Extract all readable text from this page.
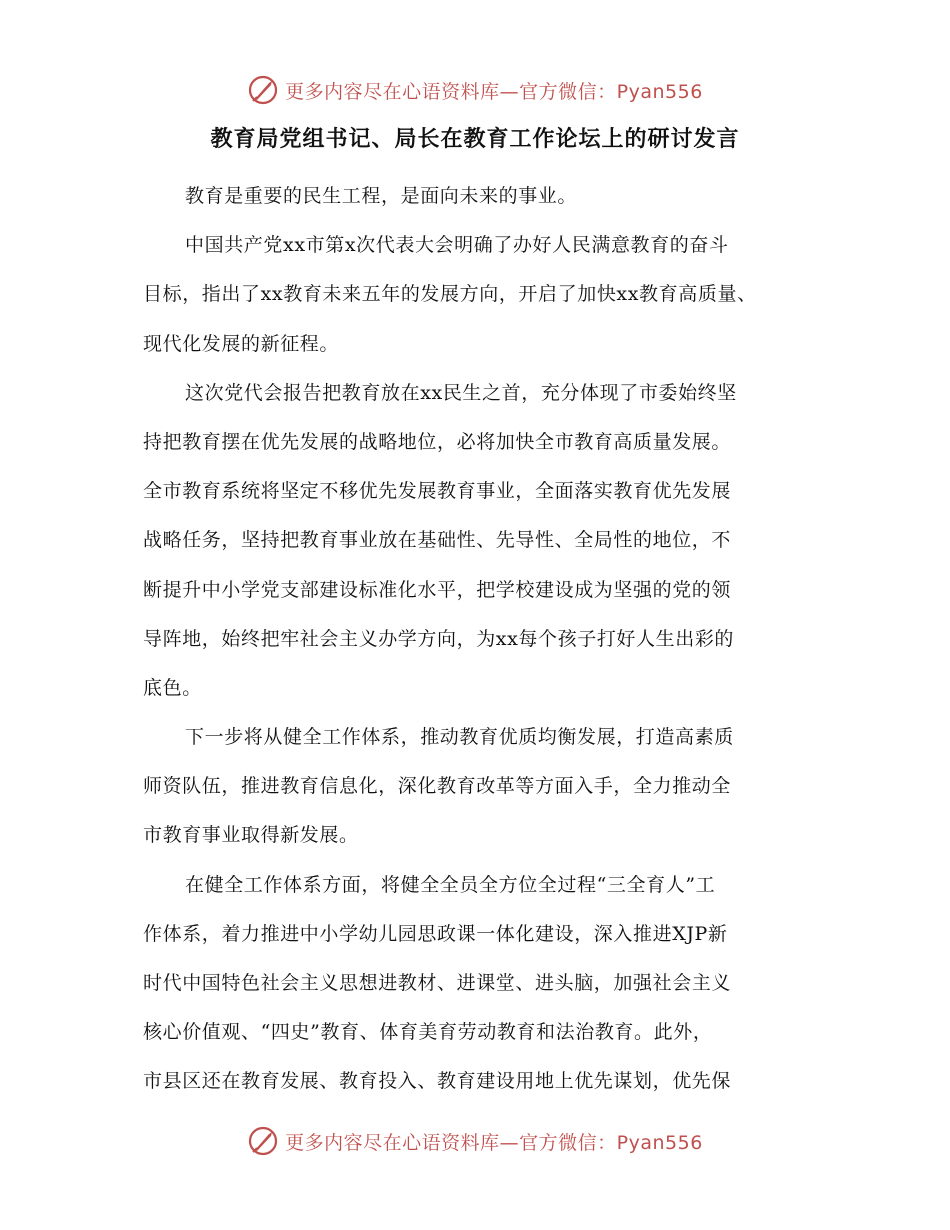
更多内容尽在心语资料库—官方微信：Pyan556
教育局党组书记、局长在教育工作论坛上的研讨发言
教育是重要的民生工程，是面向未来的事业。
中国共产党xx市第x次代表大会明确了办好人民满意教育的奋斗
目标，指出了xx教育未来五年的发展方向，开启了加快xx教育高质量、
现代化发展的新征程。
这次党代会报告把教育放在xx民生之首，充分体现了市委始终坚
持把教育摆在优先发展的战略地位，必将加快全市教育高质量发展。
全市教育系统将坚定不移优先发展教育事业，全面落实教育优先发展
战略任务，坚持把教育事业放在基础性、先导性、全局性的地位，不
断提升中小学党支部建设标准化水平，把学校建设成为坚强的党的领
导阵地，始终把牢社会主义办学方向，为xx每个孩子打好人生出彩的
底色。
下一步将从健全工作体系，推动教育优质均衡发展，打造高素质
师资队伍，推进教育信息化，深化教育改革等方面入手，全力推动全
市教育事业取得新发展。
在健全工作体系方面，将健全全员全方位全过程“三全育人”工
作体系，着力推进中小学幼儿园思政课一体化建设，深入推进XJP新
时代中国特色社会主义思想进教材、进课堂、进头脑，加强社会主义
核心价值观、“四史”教育、体育美育劳动教育和法治教育。此外，
市县区还在教育发展、教育投入、教育建设用地上优先谋划，优先保
更多内容尽在心语资料库—官方微信：Pyan556
